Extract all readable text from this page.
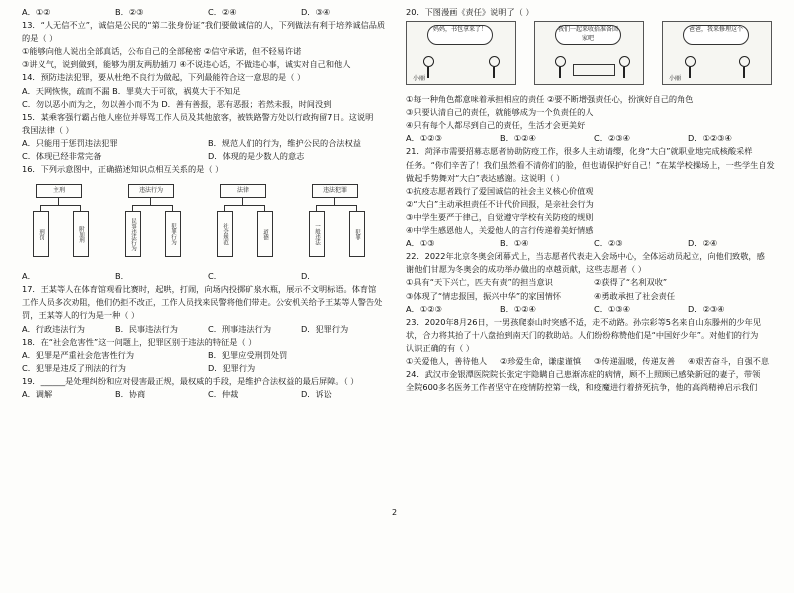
A．①②	B．②③	C．②④	D．③④
13．“人无信不立”，诚信是公民的“第二张身份证”我们要做诚信的人，下列做法有利于培养诚信品质
的是（ ）
①能够向他人说出全部真话，公布自己的全部秘密 ②信守承诺，但不轻易许诺
③讲义气，说到做到，能够为朋友两肋插刀 ④不说违心话，不做违心事，诚实对自己和他人
14．预防违法犯罪，要从杜绝不良行为做起，下列最能符合这一意思的是（ ）
A．天网恢恢，疏而不漏 B．罪莫大于可欲，祸莫大于不知足
C．勿以恶小而为之，勿以善小而不为 D．善有善报，恶有恶报；若然未报，时间没到
15．某乘客强行霸占他人座位并辱骂工作人员及其他旅客，被铁路警方处以行政拘留7日。这说明
我国法律（ ）
A．只能用于惩罚违法犯罪	B．规范人们的行为，维护公民的合法权益
C．体现已经非常完备	D．体现的是少数人的意志
16．下列示意图中，正确描述知识点相互关系的是（ ）
主刑
刑罚	附加刑
违法行为
民事违法行为	犯罪行为
法律
社会规范	道德
违法犯罪
一般违法	犯罪
A．	B．	C．	D．
17．王某等人在体育馆观看比赛时，起哄，打闹，向场内投掷矿泉水瓶，展示不文明标语。体育馆
工作人员多次劝阻，他们仍拒不改正，工作人员找来民警将他们带走。公安机关给予王某等人警告处
罚，王某等人的行为是一种（ ）
A．行政违法行为	B．民事违法行为	C．刑事违法行为	D．犯罪行为
18．在“社会危害性”这一问题上，犯罪区别于违法的特征是（ ）
A．犯罪是严重社会危害性行为	B．犯罪应受刑罚处罚
C．犯罪是违反了刑法的行为	D．犯罪行为
19．______是处理纠纷和应对侵害最正规，最权威的手段，是维护合法权益的最后屏障。（ ）
A．调解	B．协商	C．仲裁	D．诉讼
20．下图漫画《责任》说明了（ ）
妈妈，书包拿来了！
小丽
我们一起来收拾准备回家吧
爸爸，我来修理这个
小丽
①每一种角色都意味着承担相应的责任 ②要不断增强责任心，扮演好自己的角色
③只要认清自己的责任，就能够成为一个负责任的人
④只有每个人都尽到自己的责任，生活才会更美好
A．①②③	B．①②④	C．②③④	D．①②③④
21．菏泽市需要招募志愿者协助防疫工作，很多人主动请缨，化身“大白”就职业地完成核酸采样
任务。“你们辛苦了！我们虽然看不清你们的脸，但也请保护好自己！”在某学校操场上，一些学生自发
做起手势舞对“大白”表达感谢。这说明（ ）
①抗疫志愿者践行了爱国诚信的社会主义核心价值观
②“大白”主动承担责任不计代价回报，是亲社会行为
③中学生要严于律己，自觉遵守学校有关防疫的规则
④中学生感恩他人，关爱他人的言行传递着美好情感
A．①③	B．①④	C．②③	D．②④
22．2022年北京冬奥会闭幕式上，当志愿者代表走入会场中心，全体运动员起立，向他们致敬，感
谢他们甘愿为冬奥会的成功举办做出的卓越贡献，这些志愿者（ ）
①具有“天下兴亡，匹夫有责”的担当意识	②获得了“名利双收”
③体现了“情忠报国，振兴中华”的家国情怀	④勇敢承担了社会责任
A．①②③	B．①②④	C．①③④	D．②③④
23．2020年8月26日，一男孩爬泰山时突感不适，走不动路。孙宗彩等5名来自山东滕州的少年见
状，合力将其抬了十八盘抬到南天门的救助站。人们纷纷称赞他们是“中国好少年”。对他们的行为
认识正确的有（ ）
①关爱他人，善待他人	②珍爱生命，谦虚谨慎	③传递温暖，传递友善	④艰苦奋斗，自强不息
24．武汉市金银潭医院院长张定宇隐瞒自己患渐冻症的病情，顾不上照顾已感染新冠的妻子，带领
全院600多名医务工作者坚守在疫情防控第一线，和疫魔进行着挤死抗争，他的高尚精神启示我们
2
